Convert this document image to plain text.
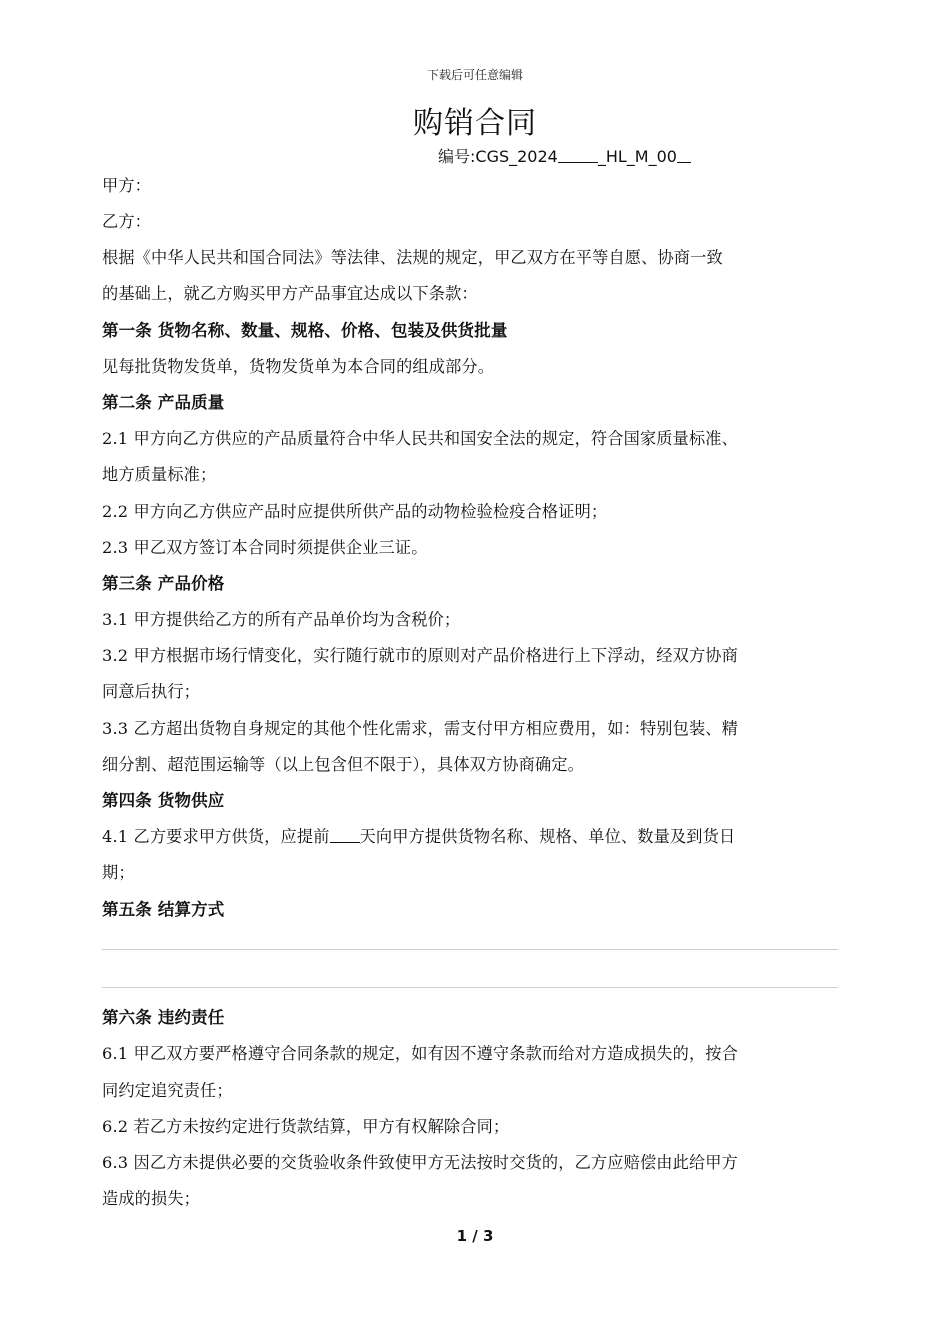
下载后可任意编辑
购销合同
编号:CGS_2024	_HL_M_00
甲方：
乙方：
根据《中华人民共和国合同法》等法律、法规的规定，甲乙双方在平等自愿、协商一致
的基础上，就乙方购买甲方产品事宜达成以下条款：
第一条 货物名称、数量、规格、价格、包装及供货批量
见每批货物发货单，货物发货单为本合同的组成部分。
第二条 产品质量
2.1 甲方向乙方供应的产品质量符合中华人民共和国安全法的规定，符合国家质量标准、
地方质量标准；
2.2 甲方向乙方供应产品时应提供所供产品的动物检验检疫合格证明；
2.3 甲乙双方签订本合同时须提供企业三证。
第三条 产品价格
3.1 甲方提供给乙方的所有产品单价均为含税价；
3.2 甲方根据市场行情变化，实行随行就市的原则对产品价格进行上下浮动，经双方协商
同意后执行；
3.3 乙方超出货物自身规定的其他个性化需求，需支付甲方相应费用，如：特别包装、精
细分割、超范围运输等（以上包含但不限于），具体双方协商确定。
第四条 货物供应
4.1 乙方要求甲方供货，应提前 天向甲方提供货物名称、规格、单位、数量及到货日
期；
第五条 结算方式
第六条 违约责任
6.1 甲乙双方要严格遵守合同条款的规定，如有因不遵守条款而给对方造成损失的，按合
同约定追究责任；
6.2 若乙方未按约定进行货款结算，甲方有权解除合同；
6.3 因乙方未提供必要的交货验收条件致使甲方无法按时交货的，乙方应赔偿由此给甲方
造成的损失；
1 / 3
